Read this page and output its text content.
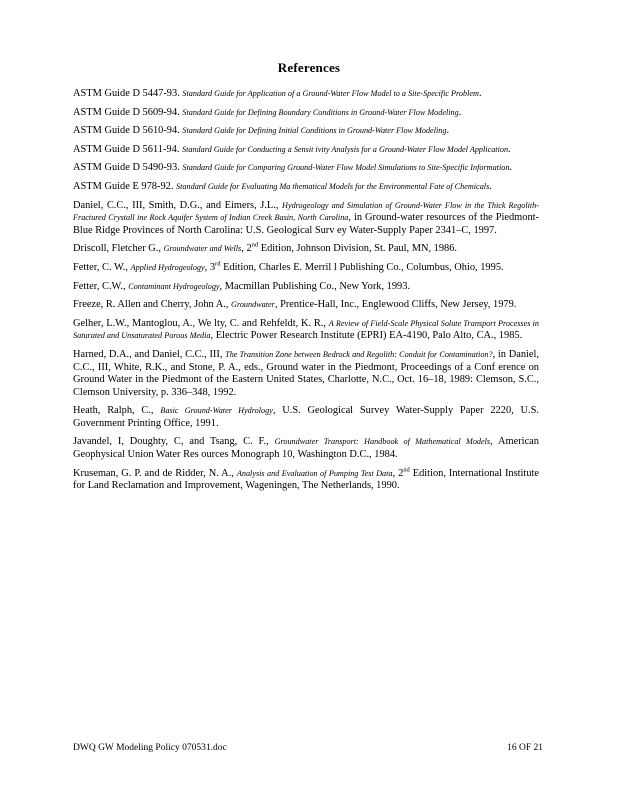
References

ASTM Guide D 5447-93. Standard Guide for Application of a Ground-Water Flow Model to a Site-Specific Problem.

ASTM Guide D 5609-94. Standard Guide for Defining Boundary Conditions in Ground-Water Flow Modeling.

ASTM Guide D 5610-94. Standard Guide for Defining Initial Conditions in Ground-Water Flow Modeling.

ASTM Guide D 5611-94. Standard Guide for Conducting a Sensit ivity Analysis for a Ground-Water Flow Model Application.

ASTM Guide D 5490-93. Standard Guide for Comparing Ground-Water Flow Model Simulations to Site-Specific Information.

ASTM Guide E 978-92. Standard Guide for Evaluating Ma thematical Models for the Environmental Fate of Chemicals.

Daniel, C.C., III, Smith, D.G., and Eimers, J.L., Hydrogeology and Simulation of Ground-Water Flow in the Thick Regolith-Fractured Crystall ine Rock Aquifer System of Indian Creek Basin, North Carolina, in Ground-water resources of the Piedmont-Blue Ridge Provinces of North Carolina: U.S. Geological Surv ey Water-Supply Paper 2341–C, 1997.

Driscoll, Fletcher G., Groundwater and Wells, 2nd Edition, Johnson Division, St. Paul, MN, 1986.

Fetter, C. W., Applied Hydrogeology, 3rd Edition, Charles E. Merril l Publishing Co., Columbus, Ohio, 1995.

Fetter, C.W., Contaminant Hydrogeology, Macmillan Publishing Co., New York, 1993.

Freeze, R. Allen and Cherry, John A., Groundwater, Prentice-Hall, Inc., Englewood Cliffs, New Jersey, 1979.

Gelher, L.W., Mantoglou, A., We lty, C. and Rehfeldt, K. R., A Review of Field-Scale Physical Solute Transport Processes in Saturated and Unsaturated Porous Media, Electric Power Research Institute (EPRI) EA-4190, Palo Alto, CA., 1985.

Harned, D.A., and Daniel, C.C., III, The Transition Zone between Bedrock and Regolith: Conduit for Contamination?, in Daniel, C.C., III, White, R.K., and Stone, P. A., eds., Ground water in the Piedmont, Proceedings of a Conf erence on Ground Water in the Piedmont of the Eastern United States, Charlotte, N.C., Oct. 16–18, 1989: Clemson, S.C., Clemson University, p. 336–348, 1992.

Heath, Ralph, C., Basic Ground-Water Hydrology, U.S. Geological Survey Water-Supply Paper 2220, U.S. Government Printing Office, 1991.

Javandel, I, Doughty, C, and Tsang, C. F., Groundwater Transport: Handbook of Mathematical Models, American Geophysical Union Water Res ources Monograph 10, Washington D.C., 1984.

Kruseman, G. P. and de Ridder, N. A., Analysis and Evaluation of Pumping Test Data, 2nd Edition, International Institute for Land Reclamation and Improvement, Wageningen, The Netherlands, 1990.

DWQ GW Modeling Policy 070531.doc	16 OF 21
